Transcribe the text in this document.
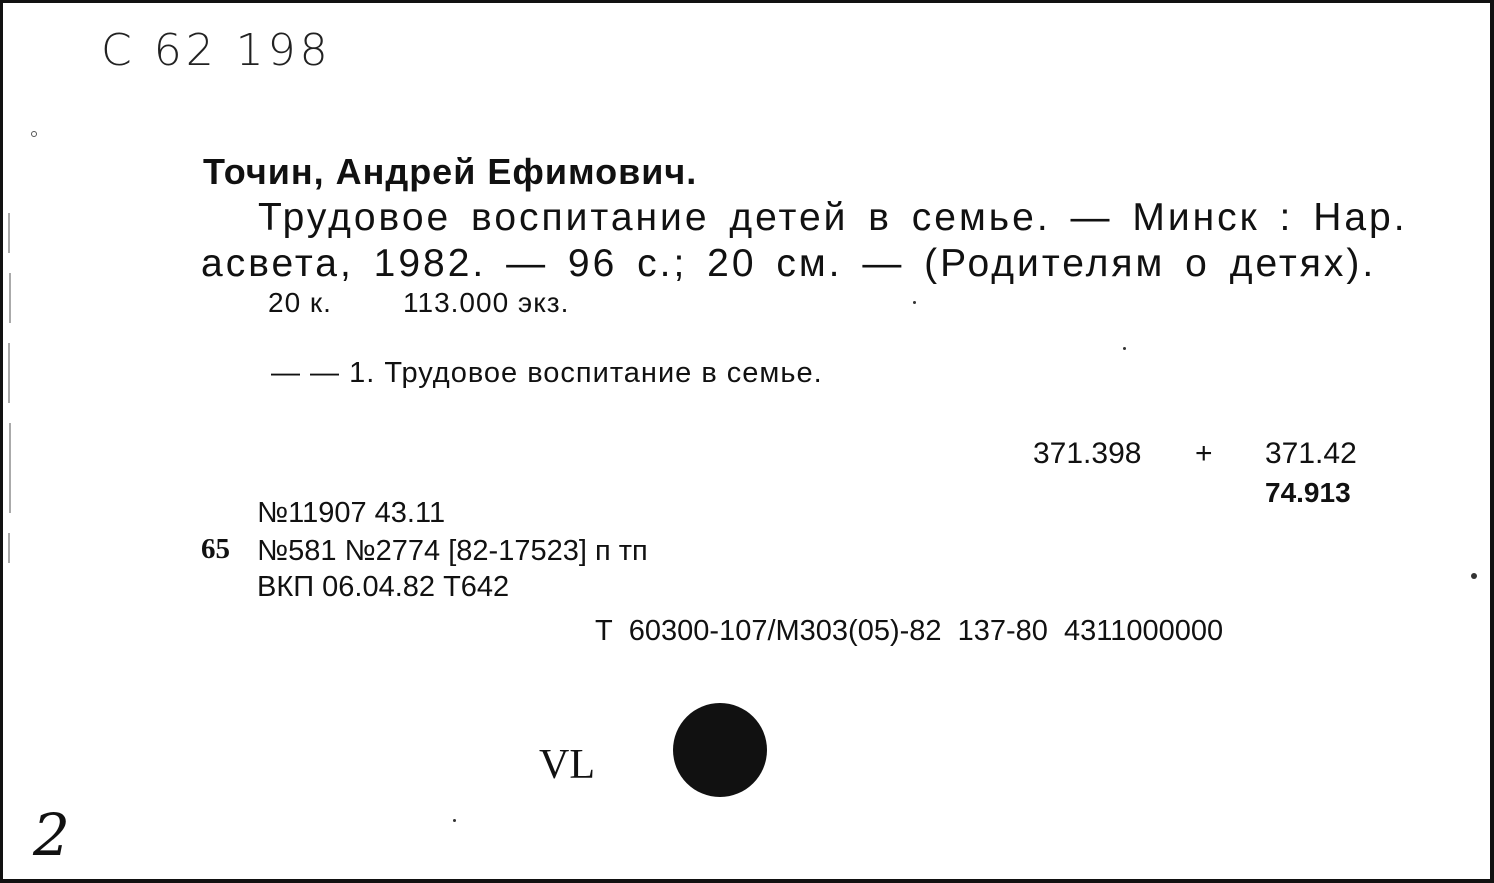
C 62 198
Точин, Андрей Ефимович.
Трудовое воспитание детей в семье. — Минск : Нар.
асвета, 1982. — 96 с.; 20 см. — (Родителям о детях).
20 к.	113.000 экз.
— — 1. Трудовое воспитание в семье.
371.398 + 371.42
74.913
№11907 43.11
65 №581 №2774 [82-17523] п тп
ВКП 06.04.82 Т642
Т 60300-107/М303(05)-82 137-80 4311000000
VL
2
